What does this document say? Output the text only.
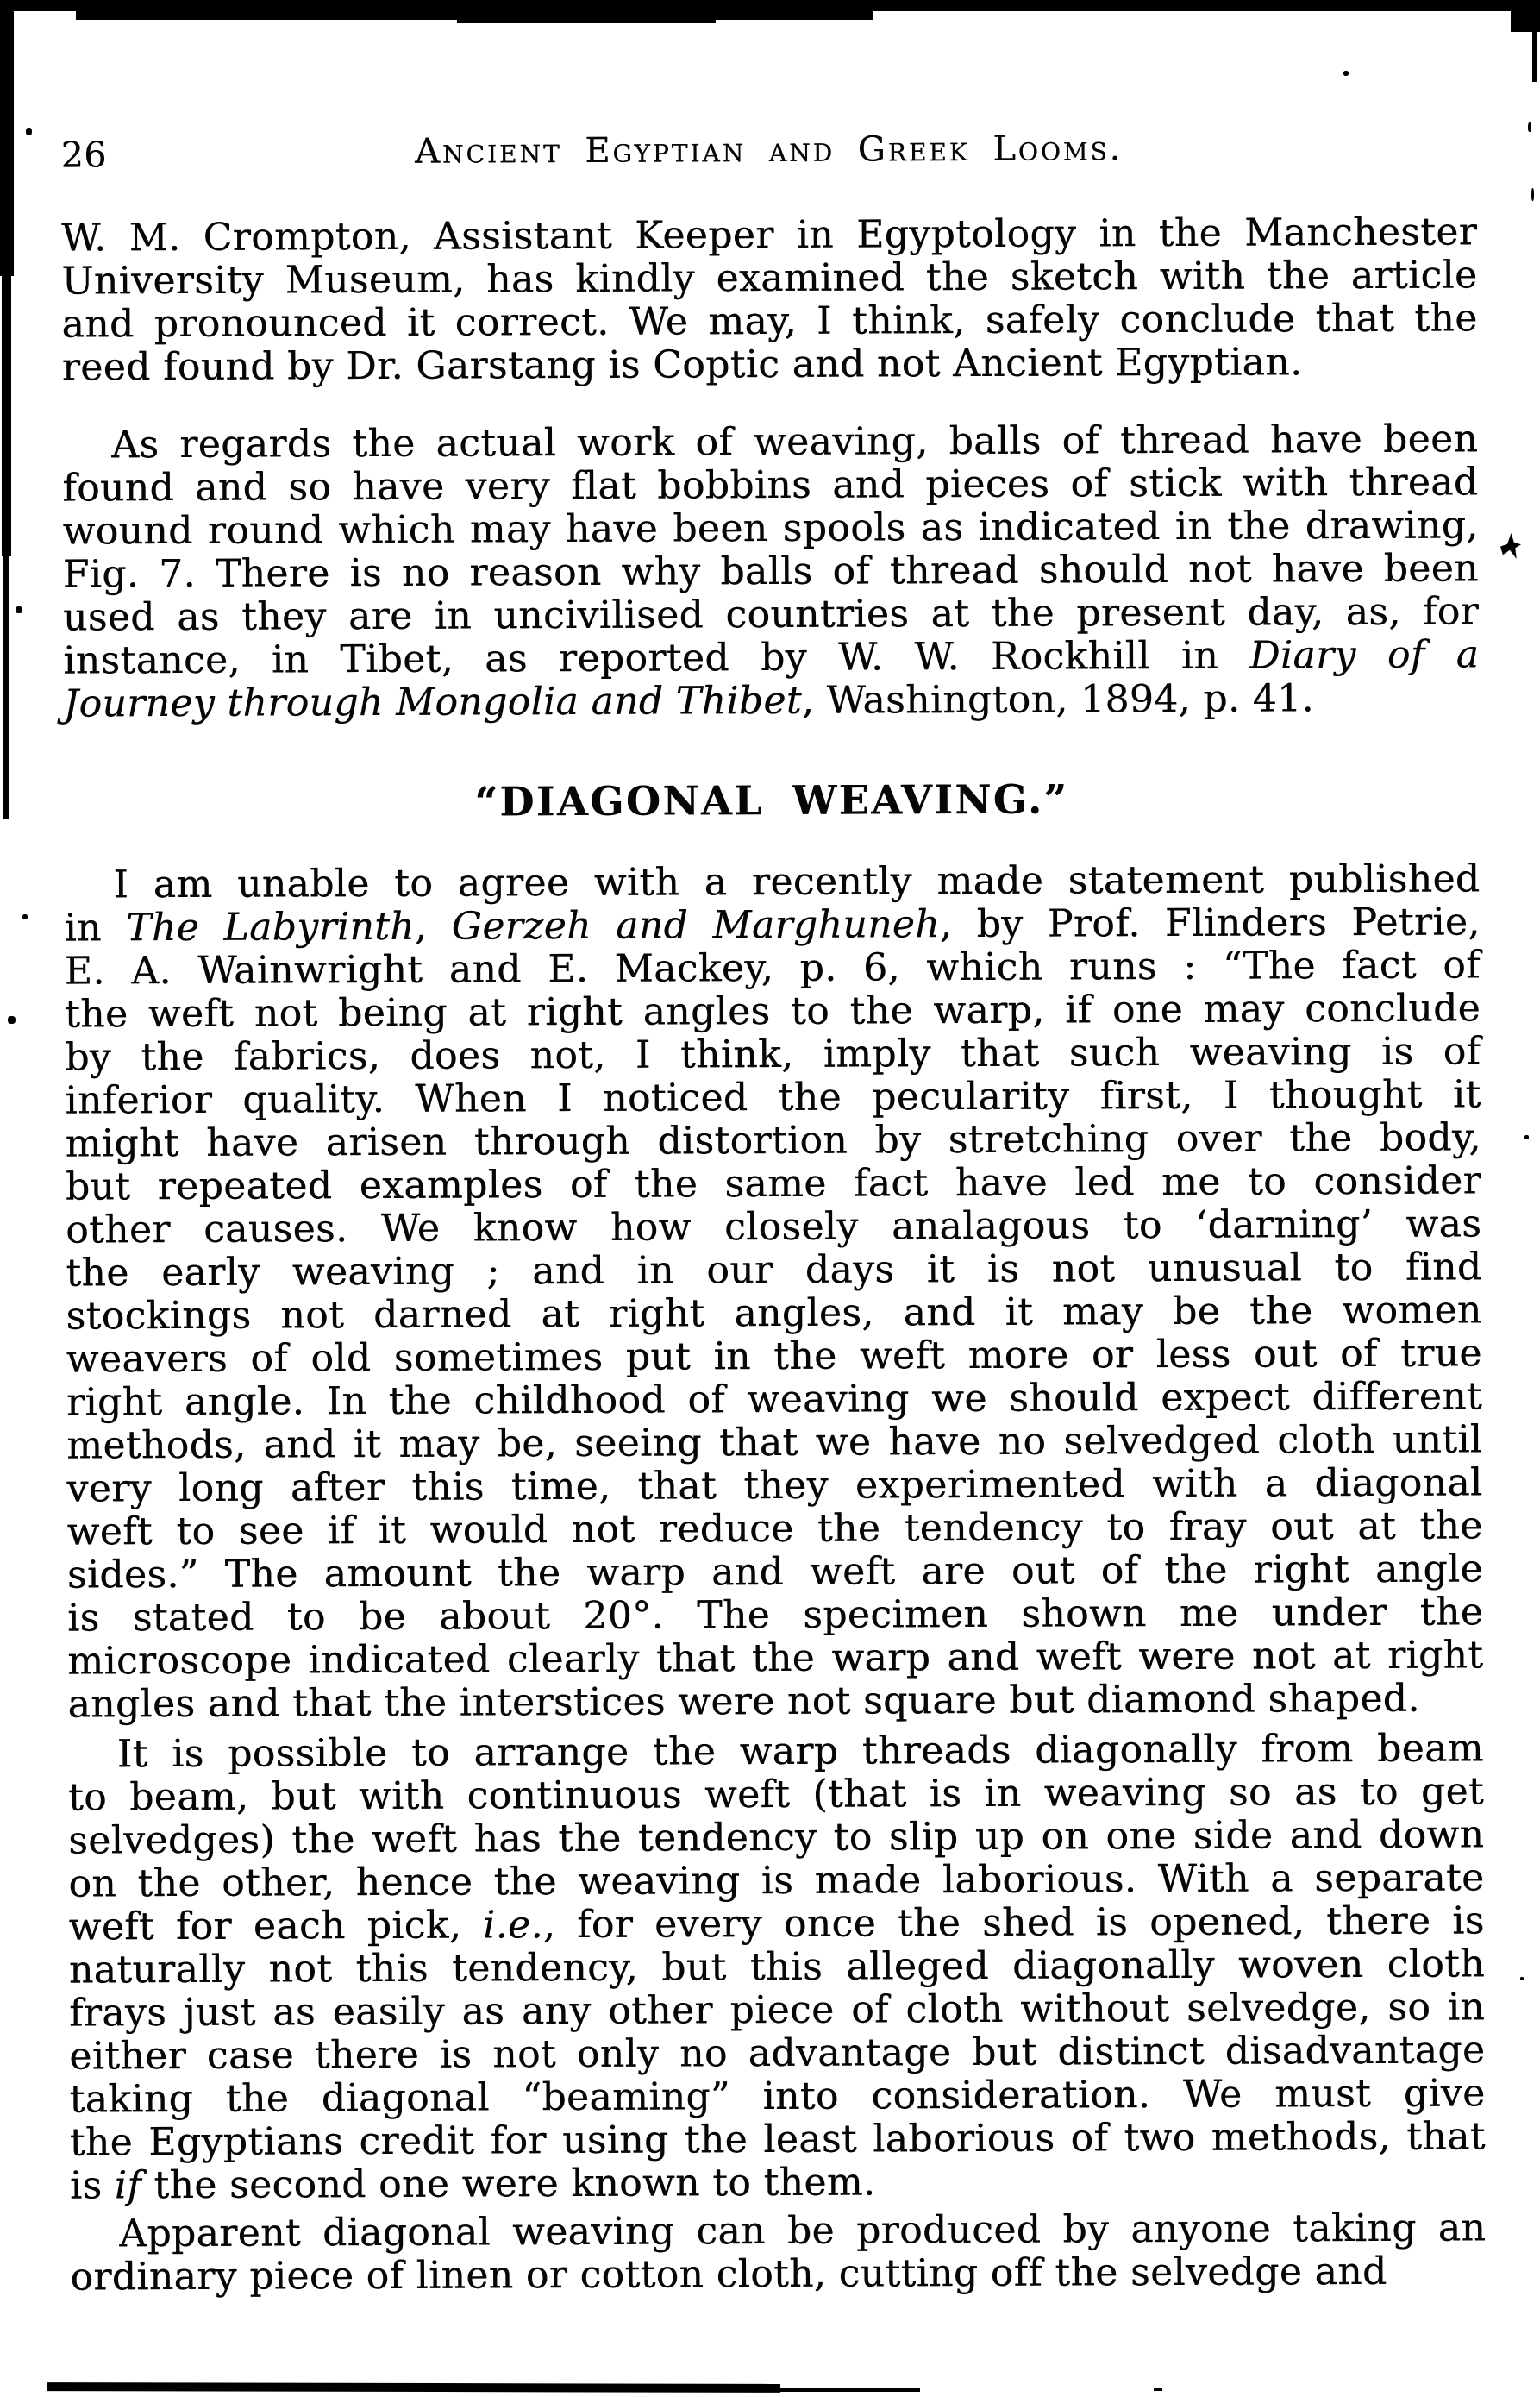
26	Ancient Egyptian and Greek Looms.
W. M. Crompton, Assistant Keeper in Egyptology in the Manchester
University Museum, has kindly examined the sketch with the article
and pronounced it correct. We may, I think, safely conclude that the
reed found by Dr. Garstang is Coptic and not Ancient Egyptian.
As regards the actual work of weaving, balls of thread have been
found and so have very flat bobbins and pieces of stick with thread
wound round which may have been spools as indicated in the drawing,
Fig. 7. There is no reason why balls of thread should not have been
used as they are in uncivilised countries at the present day, as, for
instance, in Tibet, as reported by W. W. Rockhill in Diary of a
Journey through Mongolia and Thibet, Washington, 1894, p. 41.
“DIAGONAL WEAVING.”
I am unable to agree with a recently made statement published
in The Labyrinth, Gerzeh and Marghuneh, by Prof. Flinders Petrie,
E. A. Wainwright and E. Mackey, p. 6, which runs : “The fact of
the weft not being at right angles to the warp, if one may conclude
by the fabrics, does not, I think, imply that such weaving is of
inferior quality. When I noticed the pecularity first, I thought it
might have arisen through distortion by stretching over the body,
but repeated examples of the same fact have led me to consider
other causes. We know how closely analagous to ‘darning’ was
the early weaving ; and in our days it is not unusual to find
stockings not darned at right angles, and it may be the women
weavers of old sometimes put in the weft more or less out of true
right angle. In the childhood of weaving we should expect different
methods, and it may be, seeing that we have no selvedged cloth until
very long after this time, that they experimented with a diagonal
weft to see if it would not reduce the tendency to fray out at the
sides.” The amount the warp and weft are out of the right angle
is stated to be about 20°. The specimen shown me under the
microscope indicated clearly that the warp and weft were not at right
angles and that the interstices were not square but diamond shaped.
It is possible to arrange the warp threads diagonally from beam
to beam, but with continuous weft (that is in weaving so as to get
selvedges) the weft has the tendency to slip up on one side and down
on the other, hence the weaving is made laborious. With a separate
weft for each pick, i.e., for every once the shed is opened, there is
naturally not this tendency, but this alleged diagonally woven cloth
frays just as easily as any other piece of cloth without selvedge, so in
either case there is not only no advantage but distinct disadvantage
taking the diagonal “beaming” into consideration. We must give
the Egyptians credit for using the least laborious of two methods, that
is if the second one were known to them.
Apparent diagonal weaving can be produced by anyone taking an
ordinary piece of linen or cotton cloth, cutting off the selvedge and
